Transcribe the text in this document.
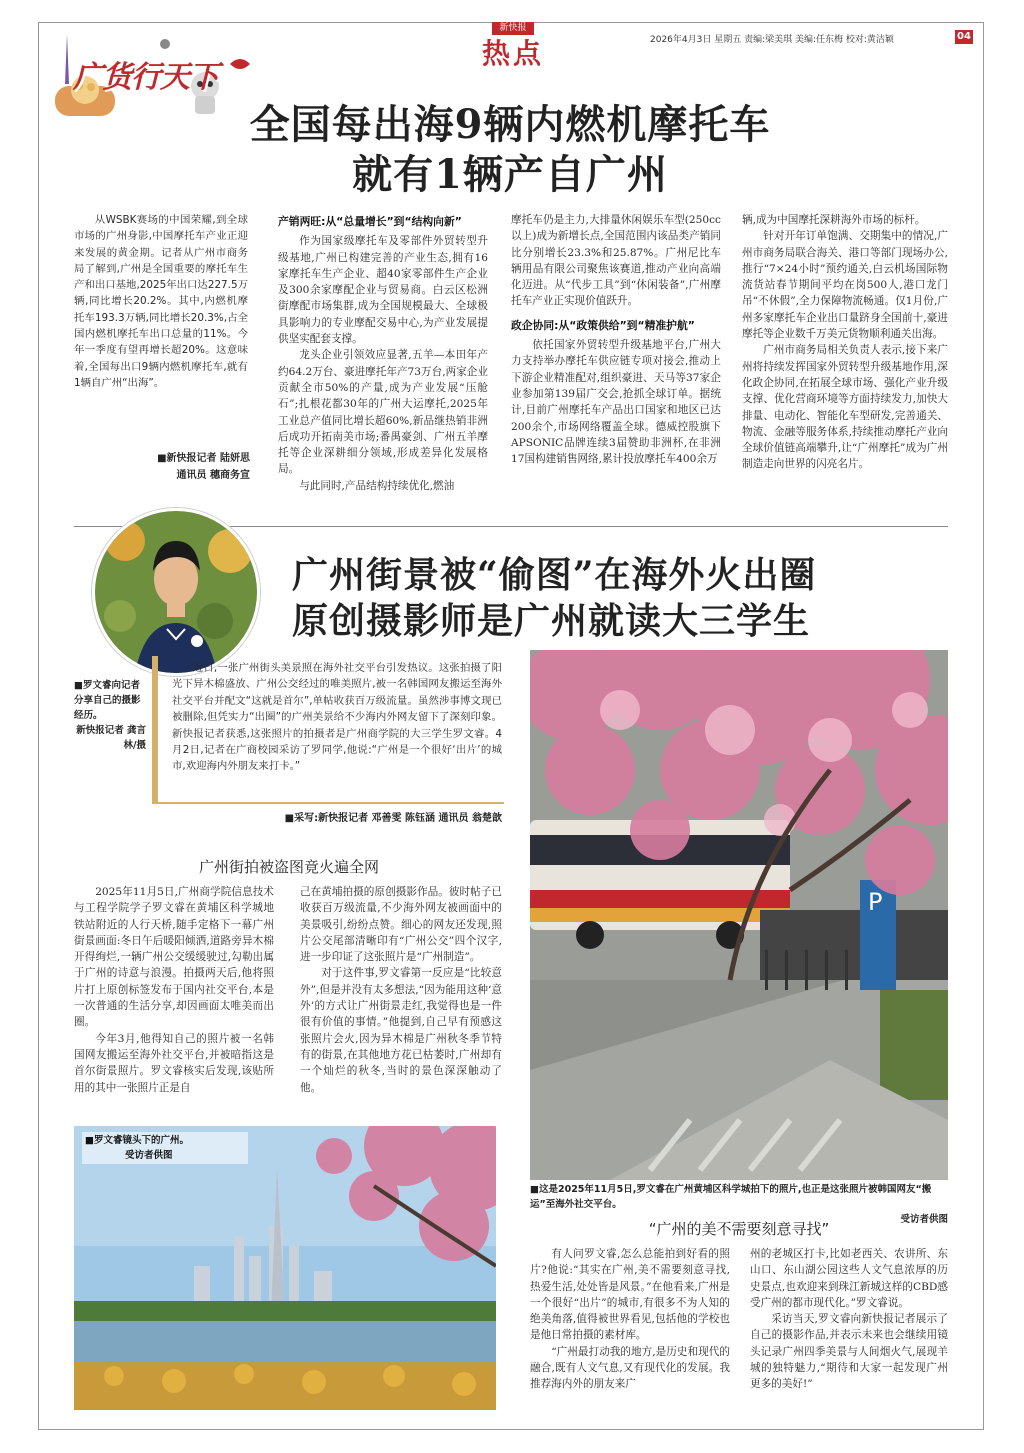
广货行天下
新快报
热点	2026年4月3日 星期五 责编:梁美琪 美编:任东梅 校对:黄洁颖	04
全国每出海9辆内燃机摩托车
就有1辆产自广州

从WSBK赛场的中国荣耀,到全球市场的广州身影,中国摩托车产业正迎来发展的黄金期。记者从广州市商务局了解到,广州是全国重要的摩托车生产和出口基地,2025年出口达227.5万辆,同比增长20.2%。其中,内燃机摩托车193.3万辆,同比增长20.3%,占全国内燃机摩托车出口总量的11%。今年一季度有望再增长超20%。这意味着,全国每出口9辆内燃机摩托车,就有1辆自广州“出海”。

■新快报记者 陆妍思
通讯员 穗商务宣

产销两旺:从“总量增长”到“结构向新”

作为国家级摩托车及零部件外贸转型升级基地,广州已构建完善的产业生态,拥有16家摩托车生产企业、超40家零部件生产企业及300余家摩配企业与贸易商。白云区松洲街摩配市场集群,成为全国规模最大、全球极具影响力的专业摩配交易中心,为产业发展提供坚实配套支撑。

龙头企业引领效应显著,五羊—本田年产约64.2万台、豪进摩托年产73万台,两家企业贡献全市50%的产量,成为产业发展“压舱石”;扎根花都30年的广州大运摩托,2025年工业总产值同比增长超60%,新品继热销非洲后成功开拓南美市场;番禺豪剑、广州五羊摩托等企业深耕细分领域,形成差异化发展格局。

与此同时,产品结构持续优化,燃油

摩托车仍是主力,大排量休闲娱乐车型(250cc以上)成为新增长点,全国范围内该品类产销同比分别增长23.3%和25.87%。广州尼比车辆用品有限公司聚焦该赛道,推动产业向高端化迈进。从“代步工具”到“休闲装备”,广州摩托车产业正实现价值跃升。

政企协同:从“政策供给”到“精准护航”

依托国家外贸转型升级基地平台,广州大力支持举办摩托车供应链专项对接会,推动上下游企业精准配对,组织豪进、天马等37家企业参加第139届广交会,抢抓全球订单。据统计,目前广州摩托车产品出口国家和地区已达200余个,市场网络覆盖全球。德威控股旗下APSONIC品牌连续3届赞助非洲杯,在非洲17国构建销售网络,累计投放摩托车400余万

辆,成为中国摩托深耕海外市场的标杆。

针对开年订单饱满、交期集中的情况,广州市商务局联合海关、港口等部门现场办公,推行“7×24小时”预约通关,白云机场国际物流货站春节期间平均在岗500人,港口龙门吊“不休假”,全力保障物流畅通。仅1月份,广州多家摩托车企业出口量跻身全国前十,豪进摩托等企业数千万美元货物顺利通关出海。

广州市商务局相关负责人表示,接下来广州将持续发挥国家外贸转型升级基地作用,深化政企协同,在拓展全球市场、强化产业升级支撑、优化营商环境等方面持续发力,加快大排量、电动化、智能化车型研发,完善通关、物流、金融等服务体系,持续推动摩托产业向全球价值链高端攀升,让“广州摩托”成为广州制造走向世界的闪亮名片。

广州街景被“偷图”在海外火出圈
原创摄影师是广州就读大三学生
■罗文睿向记者分享自己的摄影经历。
新快报记者 龚言林/摄

近日,一张广州街头美景照在海外社交平台引发热议。这张拍摄了阳光下异木棉盛放、广州公交经过的唯美照片,被一名韩国网友搬运至海外社交平台并配文“这就是首尔”,单帖收获百万级流量。虽然涉事博文现已被删除,但凭实力“出圈”的广州美景给不少海内外网友留下了深刻印象。新快报记者获悉,这张照片的拍摄者是广州商学院的大三学生罗文睿。4月2日,记者在广商校园采访了罗同学,他说:“广州是一个很好‘出片’的城市,欢迎海内外朋友来打卡。”

■采写:新快报记者 邓善雯 陈钰涵 通讯员 翁楚歆
广州街拍被盗图竟火遍全网

2025年11月5日,广州商学院信息技术与工程学院学子罗文睿在黄埔区科学城地铁站附近的人行天桥,随手定格下一幕广州街景画面:冬日午后暖阳倾洒,道路旁异木棉开得绚烂,一辆广州公交缓缓驶过,勾勒出属于广州的诗意与浪漫。拍摄两天后,他将照片打上原创标签发布于国内社交平台,本是一次普通的生活分享,却因画面太唯美而出圈。

今年3月,他得知自己的照片被一名韩国网友搬运至海外社交平台,并被暗指这是首尔街景照片。罗文睿核实后发现,该贴所用的其中一张照片正是自

己在黄埔拍摄的原创摄影作品。彼时帖子已收获百万级流量,不少海外网友被画面中的美景吸引,纷纷点赞。细心的网友还发现,照片公交尾部清晰印有“广州公交”四个汉字,进一步印证了这张照片是“广州制造”。

对于这件事,罗文睿第一反应是“比较意外”,但是并没有太多想法,“因为能用这种‘意外’的方式让广州街景走红,我觉得也是一件很有价值的事情。”他提到,自己早有预感这张照片会火,因为异木棉是广州秋冬季节特有的街景,在其他地方花已枯萎时,广州却有一个灿烂的秋冬,当时的景色深深触动了他。

P
■这是2025年11月5日,罗文睿在广州黄埔区科学城拍下的照片,也正是这张照片被韩国网友“搬运”至海外社交平台。
受访者供图
■罗文睿镜头下的广州。
受访者供图
“广州的美不需要刻意寻找”

有人问罗文睿,怎么总能拍到好看的照片?他说:“其实在广州,美不需要刻意寻找,热爱生活,处处皆是风景。”在他看来,广州是一个很好“出片”的城市,有很多不为人知的绝美角落,值得被世界看见,包括他的学校也是他日常拍摄的素材库。

“广州最打动我的地方,是历史和现代的融合,既有人文气息,又有现代化的发展。我推荐海内外的朋友来广

州的老城区打卡,比如老西关、农讲所、东山口、东山湖公园这些人文气息浓厚的历史景点,也欢迎来到珠江新城这样的CBD感受广州的都市现代化。”罗文睿说。

采访当天,罗文睿向新快报记者展示了自己的摄影作品,并表示未来也会继续用镜头记录广州四季美景与人间烟火气,展现羊城的独特魅力,“期待和大家一起发现广州更多的美好!”
